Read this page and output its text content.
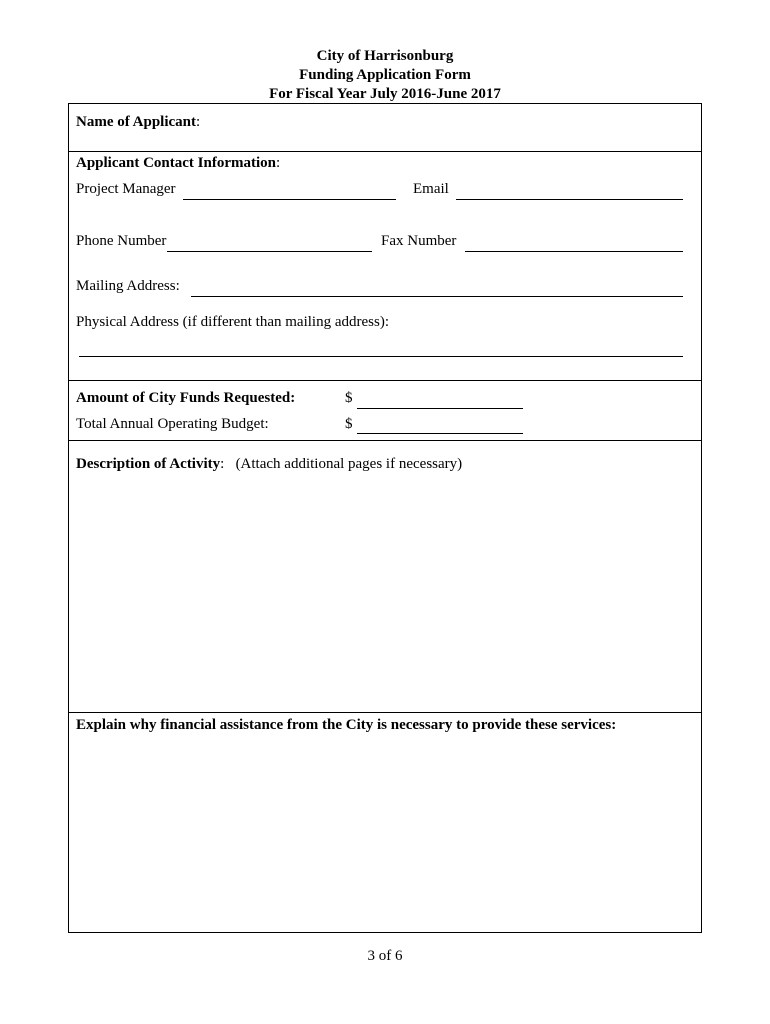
City of Harrisonburg
Funding Application Form
For Fiscal Year July 2016-June 2017
Name of Applicant:
Applicant Contact Information:
Project Manager	Email
Phone Number	Fax Number
Mailing Address:
Physical Address (if different than mailing address):
Amount of City Funds Requested:	$
Total Annual Operating Budget:	$
Description of Activity: (Attach additional pages if necessary)
Explain why financial assistance from the City is necessary to provide these services:
3 of 6
